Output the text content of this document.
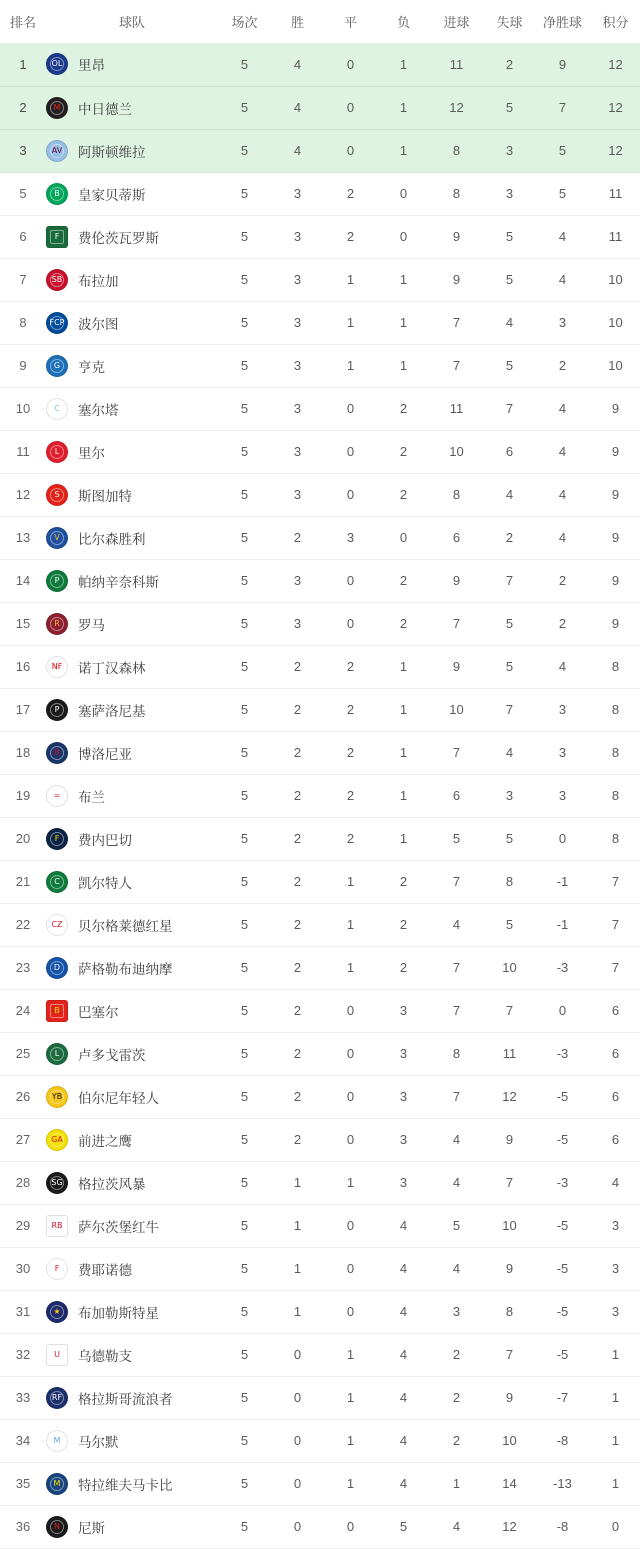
排名	球队	场次	胜	平	负	进球	失球	净胜球	积分
1	OL 里昂	5	4	0	1	11	2	9	12
2	M 中日德兰	5	4	0	1	12	5	7	12
3	AV 阿斯顿维拉	5	4	0	1	8	3	5	12
5	B 皇家贝蒂斯	5	3	2	0	8	3	5	11
6	F 费伦茨瓦罗斯	5	3	2	0	9	5	4	11
7	SB 布拉加	5	3	1	1	9	5	4	10
8	FCP 波尔图	5	3	1	1	7	4	3	10
9	G 亨克	5	3	1	1	7	5	2	10
10	C 塞尔塔	5	3	0	2	11	7	4	9
11	L 里尔	5	3	0	2	10	6	4	9
12	S 斯图加特	5	3	0	2	8	4	4	9
13	V 比尔森胜利	5	2	3	0	6	2	4	9
14	P 帕纳辛奈科斯	5	3	0	2	9	7	2	9
15	R 罗马	5	3	0	2	7	5	2	9
16	NF 诺丁汉森林	5	2	2	1	9	5	4	8
17	P 塞萨洛尼基	5	2	2	1	10	7	3	8
18	B 博洛尼亚	5	2	2	1	7	4	3	8
19	= 布兰	5	2	2	1	6	3	3	8
20	F 费内巴切	5	2	2	1	5	5	0	8
21	C 凯尔特人	5	2	1	2	7	8	-1	7
22	CZ 贝尔格莱德红星	5	2	1	2	4	5	-1	7
23	D 萨格勒布迪纳摩	5	2	1	2	7	10	-3	7
24	B 巴塞尔	5	2	0	3	7	7	0	6
25	L 卢多戈雷茨	5	2	0	3	8	11	-3	6
26	YB 伯尔尼年轻人	5	2	0	3	7	12	-5	6
27	GA 前进之鹰	5	2	0	3	4	9	-5	6
28	SG 格拉茨风暴	5	1	1	3	4	7	-3	4
29	RB 萨尔茨堡红牛	5	1	0	4	5	10	-5	3
30	F 费耶诺德	5	1	0	4	4	9	-5	3
31	★ 布加勒斯特星	5	1	0	4	3	8	-5	3
32	U 乌德勒支	5	0	1	4	2	7	-5	1
33	RF 格拉斯哥流浪者	5	0	1	4	2	9	-7	1
34	M 马尔默	5	0	1	4	2	10	-8	1
35	M 特拉维夫马卡比	5	0	1	4	1	14	-13	1
36	N 尼斯	5	0	0	5	4	12	-8	0
